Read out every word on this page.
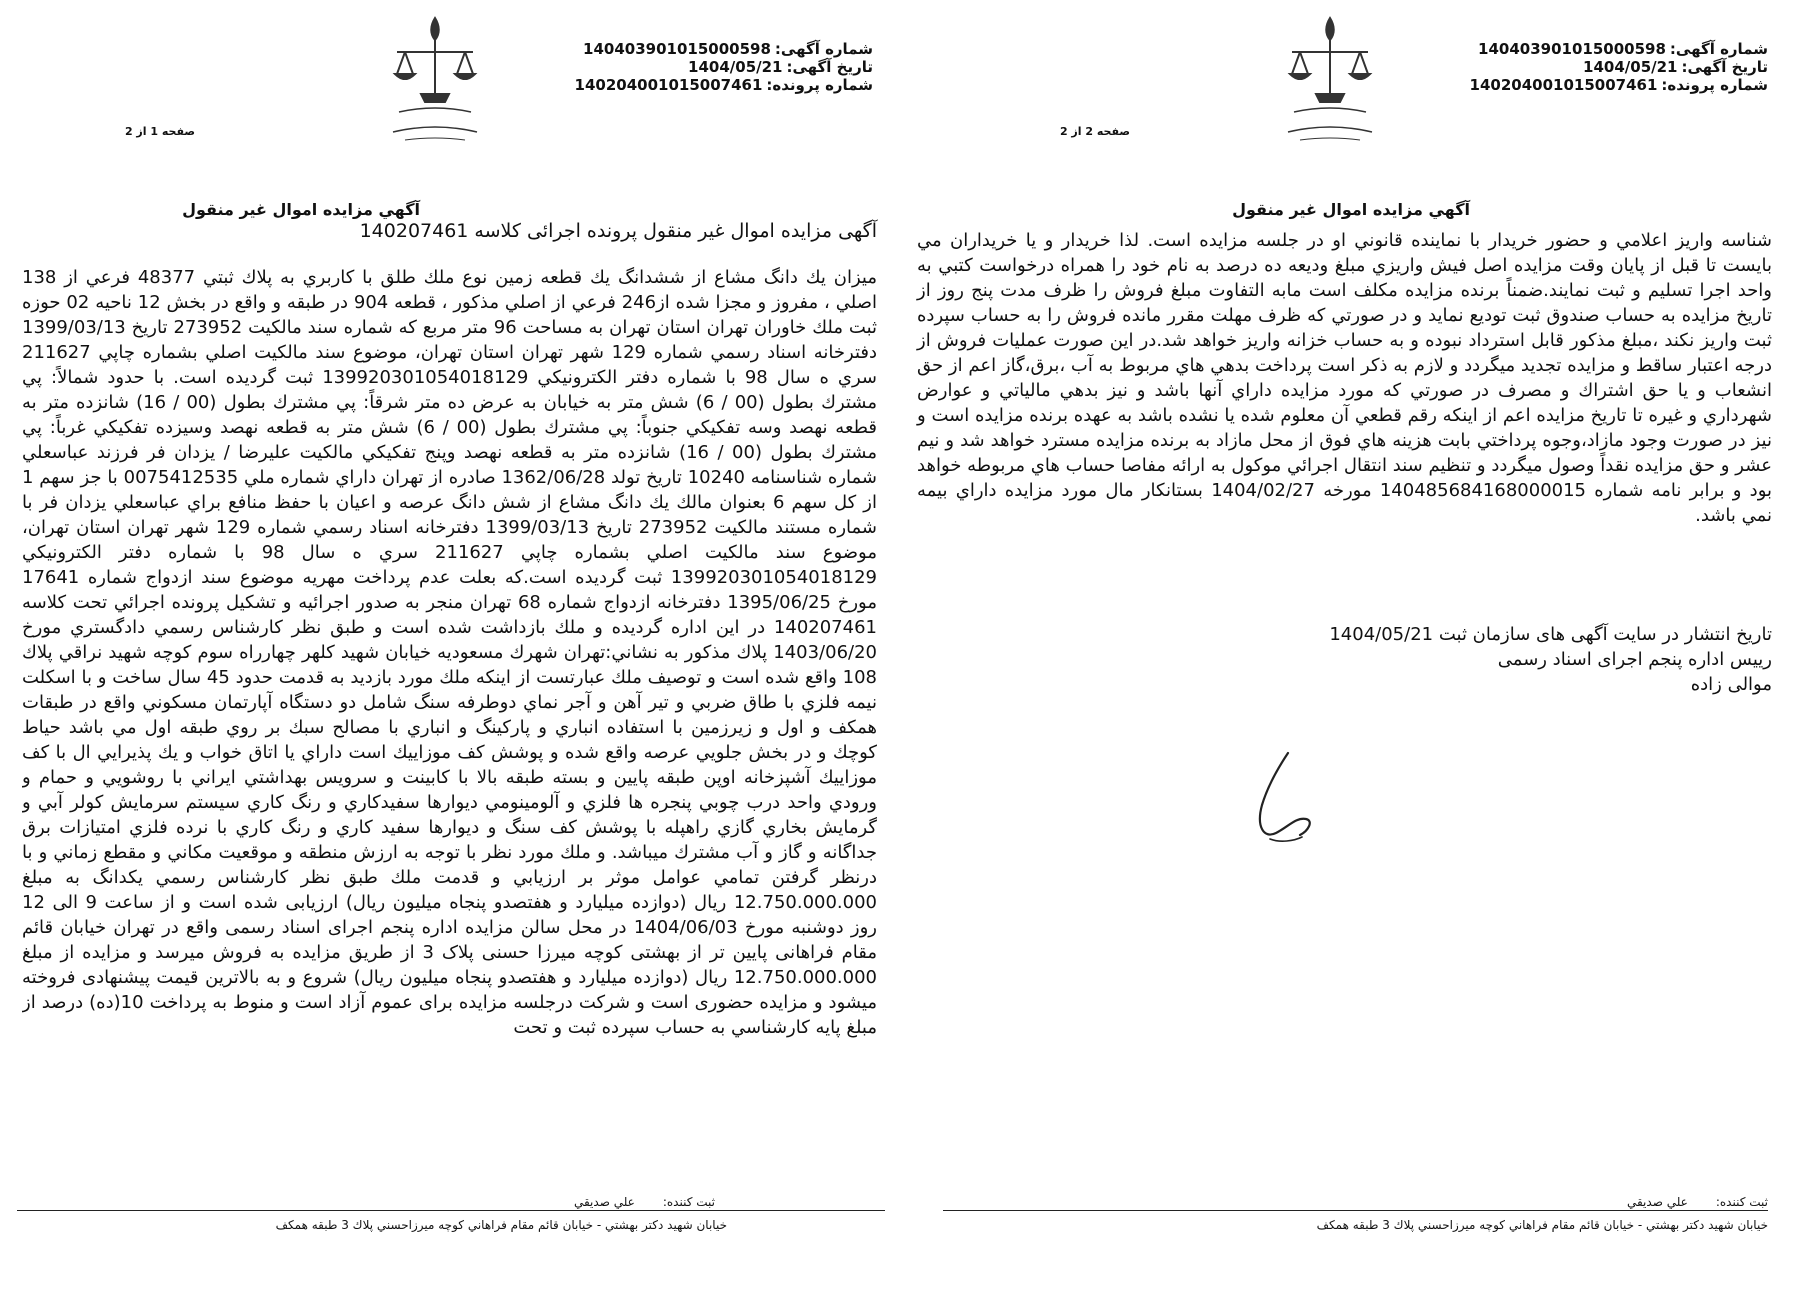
شماره آگهی:140403901015000598
تاریخ آگهی:1404/05/21
شماره پرونده:140204001015007461
صفحه 2 از 2
آگهي مزايده اموال غير منقول

شناسه واريز اعلامي و حضور خريدار با نماينده قانوني او در جلسه مزايده است. لذا خريدار و يا خريداران مي بايست تا قبل از پايان وقت مزايده اصل فيش واريزي مبلغ وديعه ده درصد به نام خود را همراه درخواست كتبي به واحد اجرا تسليم و ثبت نمايند.ضمناً برنده مزايده مكلف است مابه التفاوت مبلغ فروش را ظرف مدت پنج روز از تاريخ مزايده به حساب صندوق ثبت توديع نمايد و در صورتي كه ظرف مهلت مقرر مانده فروش را به حساب سپرده ثبت واريز نكند ،مبلغ مذكور قابل استرداد نبوده و به حساب خزانه واريز خواهد شد.در اين صورت عمليات فروش از درجه اعتبار ساقط و مزايده تجديد ميگردد و لازم به ذكر است پرداخت بدهي هاي مربوط به آب ،برق،گاز اعم از حق انشعاب و يا حق اشتراك و مصرف در صورتي كه مورد مزايده داراي آنها باشد و نيز بدهي مالياتي و عوارض شهرداري و غيره تا تاريخ مزايده اعم از اينكه رقم قطعي آن معلوم شده يا نشده باشد به عهده برنده مزايده است و نيز در صورت وجود مازاد،وجوه پرداختي بابت هزينه هاي فوق از محل مازاد به برنده مزايده مسترد خواهد شد و نيم عشر و حق مزايده نقداً وصول ميگردد و تنظيم سند انتقال اجرائي موكول به ارائه مفاصا حساب هاي مربوطه خواهد بود و برابر نامه شماره 140485684168000015 مورخه 1404/02/27 بستانكار مال مورد مزايده داراي بيمه نمي باشد.

تاريخ انتشار در سايت آگهی های سازمان ثبت 1404/05/21
رييس اداره پنجم اجرای اسناد رسمی
موالی زاده
ثبت كننده:علي صديقي
خيابان شهيد دكتر بهشتي - خيابان قائم مقام فراهاني كوچه ميرزاحسني پلاك 3 طبقه همكف
شماره آگهی:140403901015000598
تاریخ آگهی:1404/05/21
شماره پرونده:140204001015007461
صفحه 1 از 2
آگهي مزايده اموال غير منقول
آگهی مزایده اموال غیر منقول پرونده اجرائی کلاسه 140207461

ميزان يك دانگ مشاع از ششدانگ يك قطعه زمين نوع ملك طلق با كاربري به پلاك ثبتي 48377 فرعي از 138 اصلي ، مفروز و مجزا شده از246 فرعي از اصلي مذكور ، قطعه 904 در طبقه و واقع در بخش 12 ناحيه 02 حوزه ثبت ملك خاوران تهران استان تهران به مساحت 96 متر مربع كه شماره سند مالكيت 273952 تاريخ 1399/03/13 دفترخانه اسناد رسمي شماره 129 شهر تهران استان تهران، موضوع سند مالكيت اصلي بشماره چاپي 211627 سري ه سال 98 با شماره دفتر الكترونيكي 139920301054018129 ثبت گرديده است. با حدود شمالاً: پي مشترك بطول (00 / 6) شش متر به خيابان به عرض ده متر شرقاً: پي مشترك بطول (00 / 16) شانزده متر به قطعه نهصد وسه تفكيكي جنوباً: پي مشترك بطول (00 / 6) شش متر به قطعه نهصد وسيزده تفكيكي غرباً: پي مشترك بطول (00 / 16) شانزده متر به قطعه نهصد وپنج تفكيكي مالكيت عليرضا / يزدان فر فرزند عباسعلي شماره شناسنامه 10240 تاريخ تولد 1362/06/28 صادره از تهران داراي شماره ملي 0075412535 با جز سهم 1 از كل سهم 6 بعنوان مالك يك دانگ مشاع از شش دانگ عرصه و اعيان با حفظ منافع براي عباسعلي يزدان فر با شماره مستند مالكيت 273952 تاريخ 1399/03/13 دفترخانه اسناد رسمي شماره 129 شهر تهران استان تهران، موضوع سند مالكيت اصلي بشماره چاپي 211627 سري ه سال 98 با شماره دفتر الكترونيكي 139920301054018129 ثبت گرديده است.كه بعلت عدم پرداخت مهريه موضوع سند ازدواج شماره 17641 مورخ 1395/06/25 دفترخانه ازدواج شماره 68 تهران منجر به صدور اجرائيه و تشكيل پرونده اجرائي تحت كلاسه 140207461 در اين اداره گرديده و ملك بازداشت شده است و طبق نظر كارشناس رسمي دادگستري مورخ 1403/06/20 پلاك مذكور به نشاني:تهران شهرك مسعوديه خيابان شهيد كلهر چهارراه سوم كوچه شهيد نراقي پلاك 108 واقع شده است و توصيف ملك عبارتست از اينكه ملك مورد بازديد به قدمت حدود 45 سال ساخت و با اسكلت نيمه فلزي با طاق ضربي و تير آهن و آجر نماي دوطرفه سنگ شامل دو دستگاه آپارتمان مسكوني واقع در طبقات همكف و اول و زيرزمين با استفاده انباري و پاركينگ و انباري با مصالح سبك بر روي طبقه اول مي باشد حياط كوچك و در بخش جلويي عرصه واقع شده و پوشش كف موزاييك است داراي يا اتاق خواب و يك پذيرايي ال با كف موزاييك آشپزخانه اوپن طبقه پايين و بسته طبقه بالا با كابينت و سرويس بهداشتي ايراني با روشويي و حمام و ورودي واحد درب چوبي پنجره ها فلزي و آلومينومي ديوارها سفيدكاري و رنگ كاري سيستم سرمايش كولر آبي و گرمايش بخاري گازي راهپله با پوشش كف سنگ و ديوارها سفيد كاري و رنگ كاري با نرده فلزي امتيازات برق جداگانه و گاز و آب مشترك ميباشد. و ملك مورد نظر با توجه به ارزش منطقه و موقعيت مكاني و مقطع زماني و با درنظر گرفتن تمامي عوامل موثر بر ارزيابي و قدمت ملك طبق نظر كارشناس رسمي يكدانگ به مبلغ 12.750.000.000 ريال (دوازده ميليارد و هفتصدو پنجاه ميليون ريال) ارزيابی شده است و از ساعت 9 الی 12 روز دوشنبه مورخ 1404/06/03 در محل سالن مزايده اداره پنجم اجرای اسناد رسمی واقع در تهران خيابان قائم مقام فراهانی پايين تر از بهشتی كوچه ميرزا حسنی پلاک 3 از طريق مزايده به فروش ميرسد و مزايده از مبلغ 12.750.000.000 ريال (دوازده ميليارد و هفتصدو پنجاه ميليون ريال) شروع و به بالاترين قيمت پيشنهادی فروخته ميشود و مزايده حضوری است و شركت درجلسه مزايده برای عموم آزاد است و منوط به پرداخت 10(ده) درصد از مبلغ پايه كارشناسي به حساب سپرده ثبت و تحت

ثبت كننده:علي صديقي
خيابان شهيد دكتر بهشتي - خيابان قائم مقام فراهاني كوچه ميرزاحسني پلاك 3 طبقه همكف
